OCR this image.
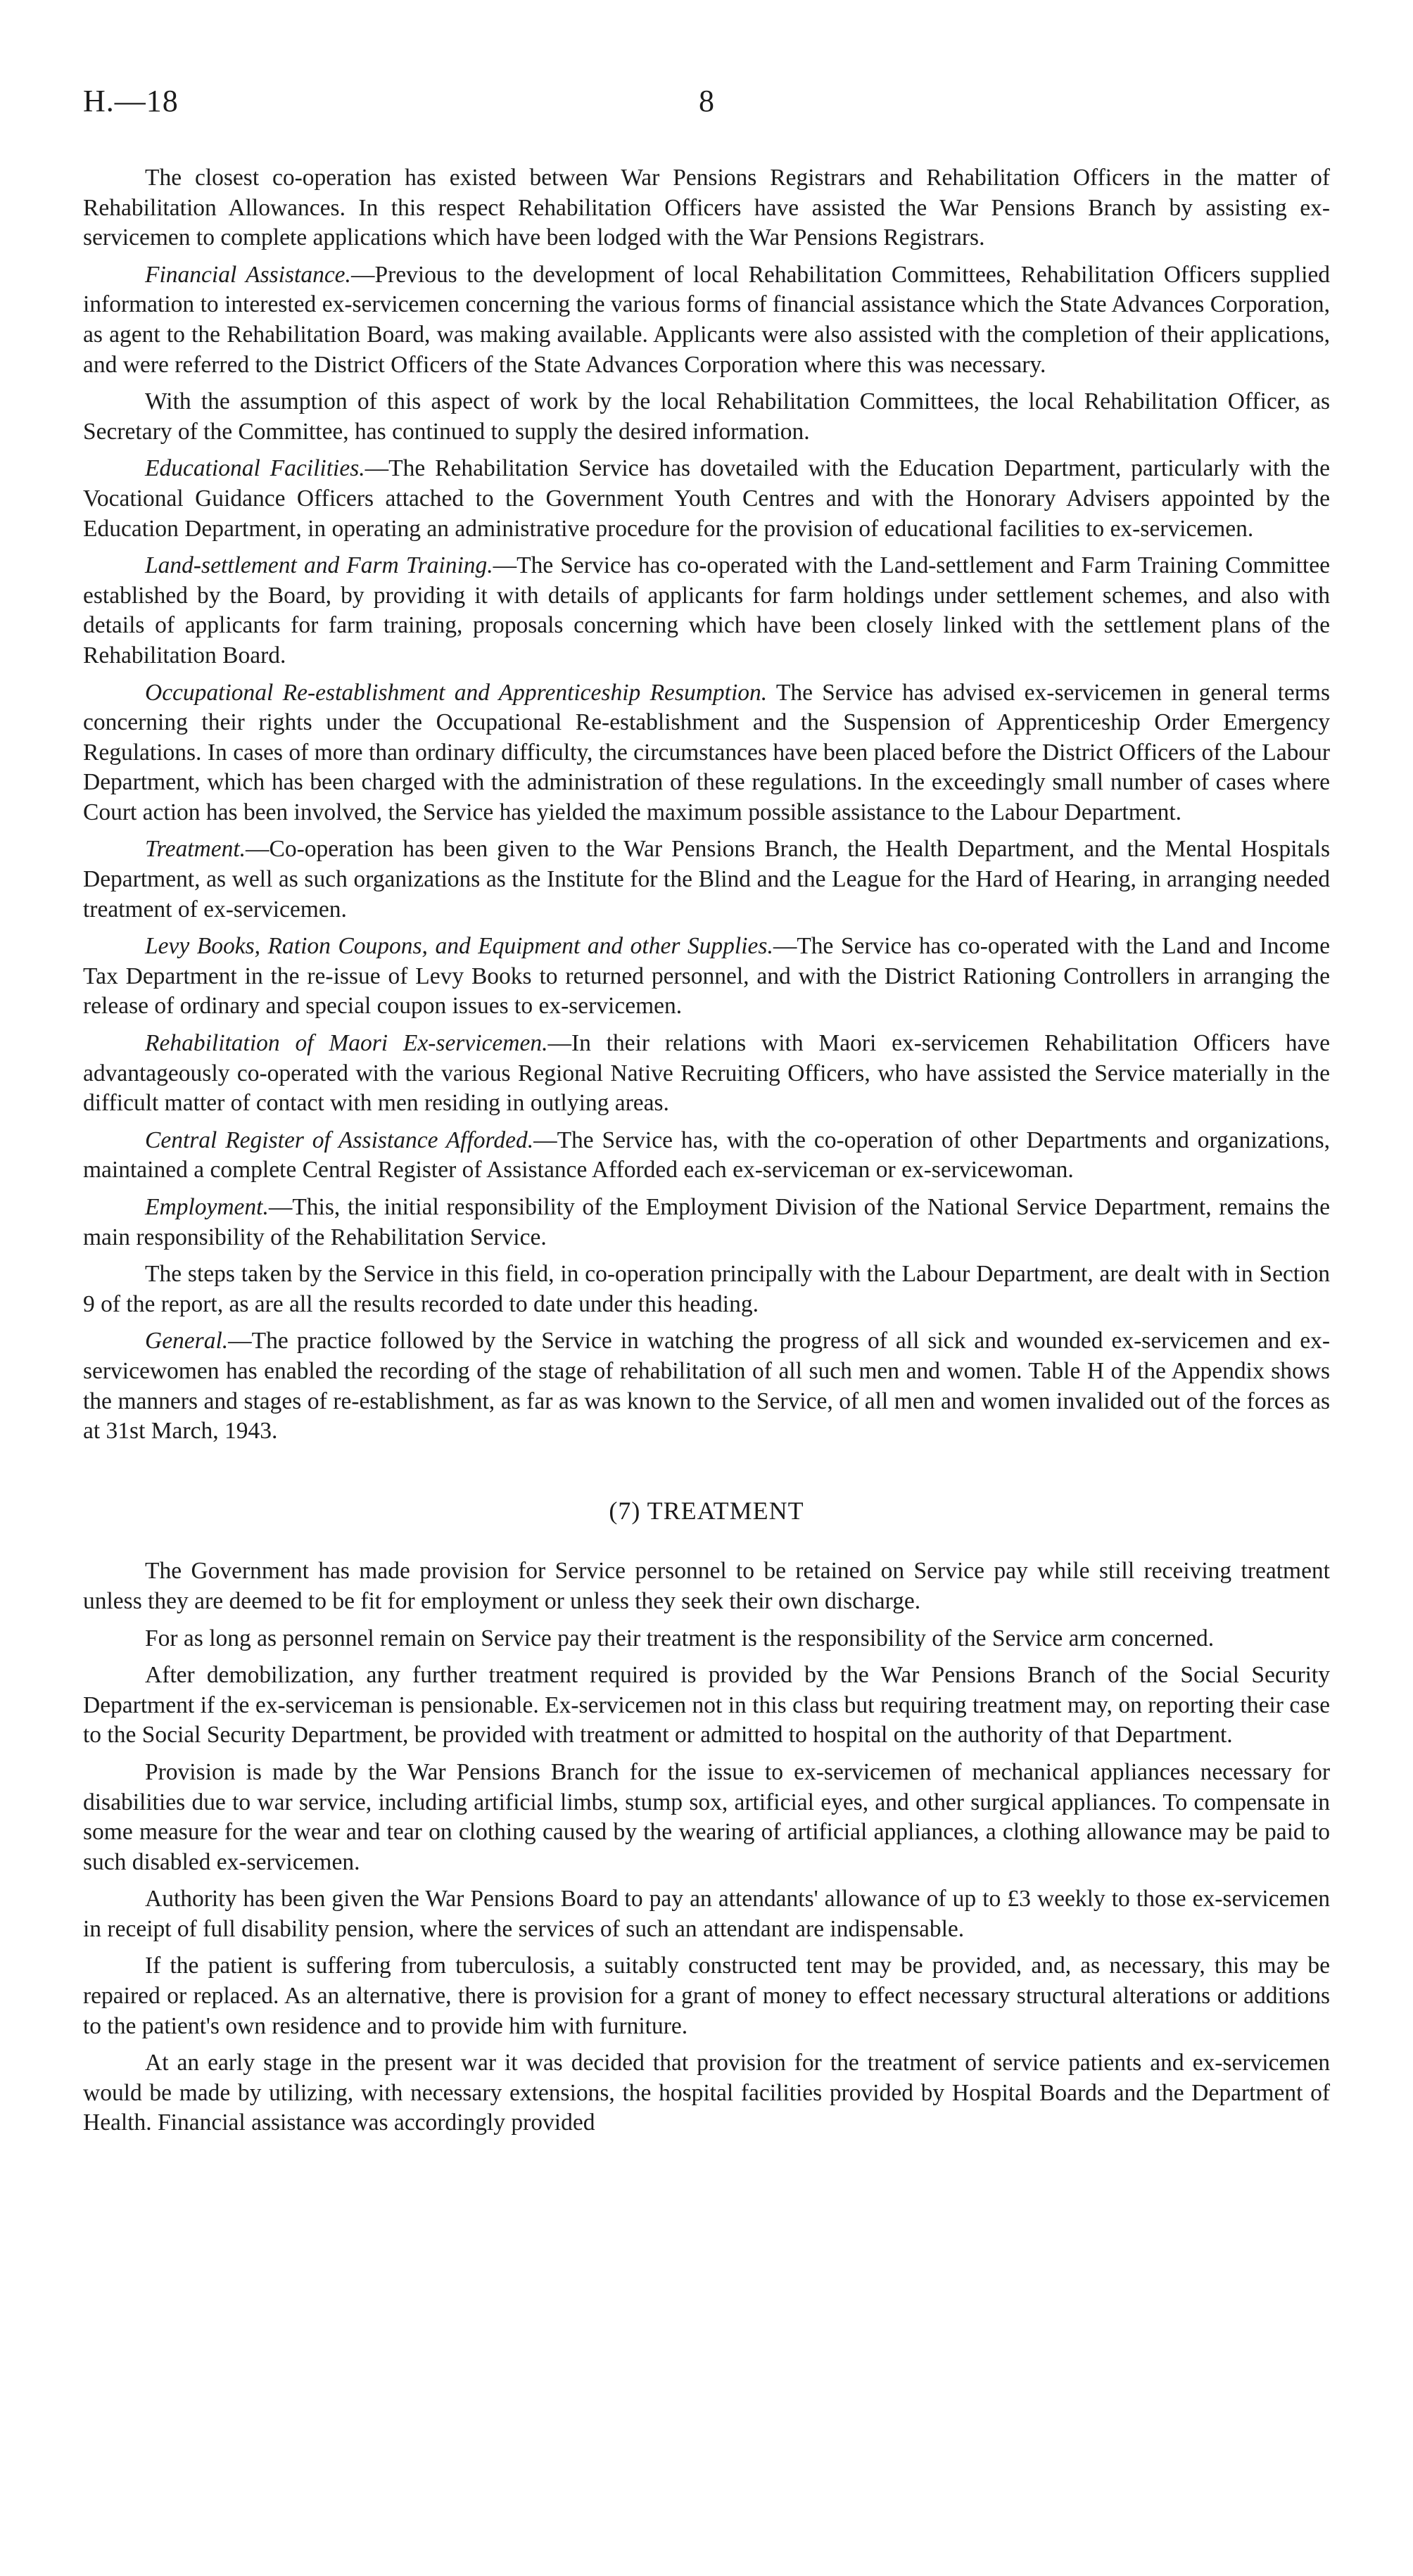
H.—18	8

The closest co-operation has existed between War Pensions Registrars and Rehabilitation Officers in the matter of Rehabilitation Allowances. In this respect Rehabilitation Officers have assisted the War Pensions Branch by assisting ex-servicemen to complete applications which have been lodged with the War Pensions Registrars.

Financial Assistance.—Previous to the development of local Rehabilitation Committees, Rehabilitation Officers supplied information to interested ex-servicemen concerning the various forms of financial assistance which the State Advances Corporation, as agent to the Rehabilitation Board, was making available. Applicants were also assisted with the completion of their applications, and were referred to the District Officers of the State Advances Corporation where this was necessary.

With the assumption of this aspect of work by the local Rehabilitation Committees, the local Rehabilitation Officer, as Secretary of the Committee, has continued to supply the desired information.

Educational Facilities.—The Rehabilitation Service has dovetailed with the Education Department, particularly with the Vocational Guidance Officers attached to the Government Youth Centres and with the Honorary Advisers appointed by the Education Department, in operating an administrative procedure for the provision of educational facilities to ex-servicemen.

Land-settlement and Farm Training.—The Service has co-operated with the Land-settlement and Farm Training Committee established by the Board, by providing it with details of applicants for farm holdings under settlement schemes, and also with details of applicants for farm training, proposals concerning which have been closely linked with the settlement plans of the Rehabilitation Board.

Occupational Re-establishment and Apprenticeship Resumption. The Service has advised ex-servicemen in general terms concerning their rights under the Occupational Re-establishment and the Suspension of Apprenticeship Order Emergency Regulations. In cases of more than ordinary difficulty, the circumstances have been placed before the District Officers of the Labour Department, which has been charged with the administration of these regulations. In the exceedingly small number of cases where Court action has been involved, the Service has yielded the maximum possible assistance to the Labour Department.

Treatment.—Co-operation has been given to the War Pensions Branch, the Health Department, and the Mental Hospitals Department, as well as such organizations as the Institute for the Blind and the League for the Hard of Hearing, in arranging needed treatment of ex-servicemen.

Levy Books, Ration Coupons, and Equipment and other Supplies.—The Service has co-operated with the Land and Income Tax Department in the re-issue of Levy Books to returned personnel, and with the District Rationing Controllers in arranging the release of ordinary and special coupon issues to ex-servicemen.

Rehabilitation of Maori Ex-servicemen.—In their relations with Maori ex-servicemen Rehabilitation Officers have advantageously co-operated with the various Regional Native Recruiting Officers, who have assisted the Service materially in the difficult matter of contact with men residing in outlying areas.

Central Register of Assistance Afforded.—The Service has, with the co-operation of other Departments and organizations, maintained a complete Central Register of Assistance Afforded each ex-serviceman or ex-servicewoman.

Employment.—This, the initial responsibility of the Employment Division of the National Service Department, remains the main responsibility of the Rehabilitation Service.

The steps taken by the Service in this field, in co-operation principally with the Labour Department, are dealt with in Section 9 of the report, as are all the results recorded to date under this heading.

General.—The practice followed by the Service in watching the progress of all sick and wounded ex-servicemen and ex-servicewomen has enabled the recording of the stage of rehabilitation of all such men and women. Table H of the Appendix shows the manners and stages of re-establishment, as far as was known to the Service, of all men and women invalided out of the forces as at 31st March, 1943.

(7) TREATMENT

The Government has made provision for Service personnel to be retained on Service pay while still receiving treatment unless they are deemed to be fit for employment or unless they seek their own discharge.

For as long as personnel remain on Service pay their treatment is the responsibility of the Service arm concerned.

After demobilization, any further treatment required is provided by the War Pensions Branch of the Social Security Department if the ex-serviceman is pensionable. Ex-servicemen not in this class but requiring treatment may, on reporting their case to the Social Security Department, be provided with treatment or admitted to hospital on the authority of that Department.

Provision is made by the War Pensions Branch for the issue to ex-servicemen of mechanical appliances necessary for disabilities due to war service, including artificial limbs, stump sox, artificial eyes, and other surgical appliances. To compensate in some measure for the wear and tear on clothing caused by the wearing of artificial appliances, a clothing allowance may be paid to such disabled ex-servicemen.

Authority has been given the War Pensions Board to pay an attendants' allowance of up to £3 weekly to those ex-servicemen in receipt of full disability pension, where the services of such an attendant are indispensable.

If the patient is suffering from tuberculosis, a suitably constructed tent may be provided, and, as necessary, this may be repaired or replaced. As an alternative, there is provision for a grant of money to effect necessary structural alterations or additions to the patient's own residence and to provide him with furniture.

At an early stage in the present war it was decided that provision for the treatment of service patients and ex-servicemen would be made by utilizing, with necessary extensions, the hospital facilities provided by Hospital Boards and the Department of Health. Financial assistance was accordingly provided
